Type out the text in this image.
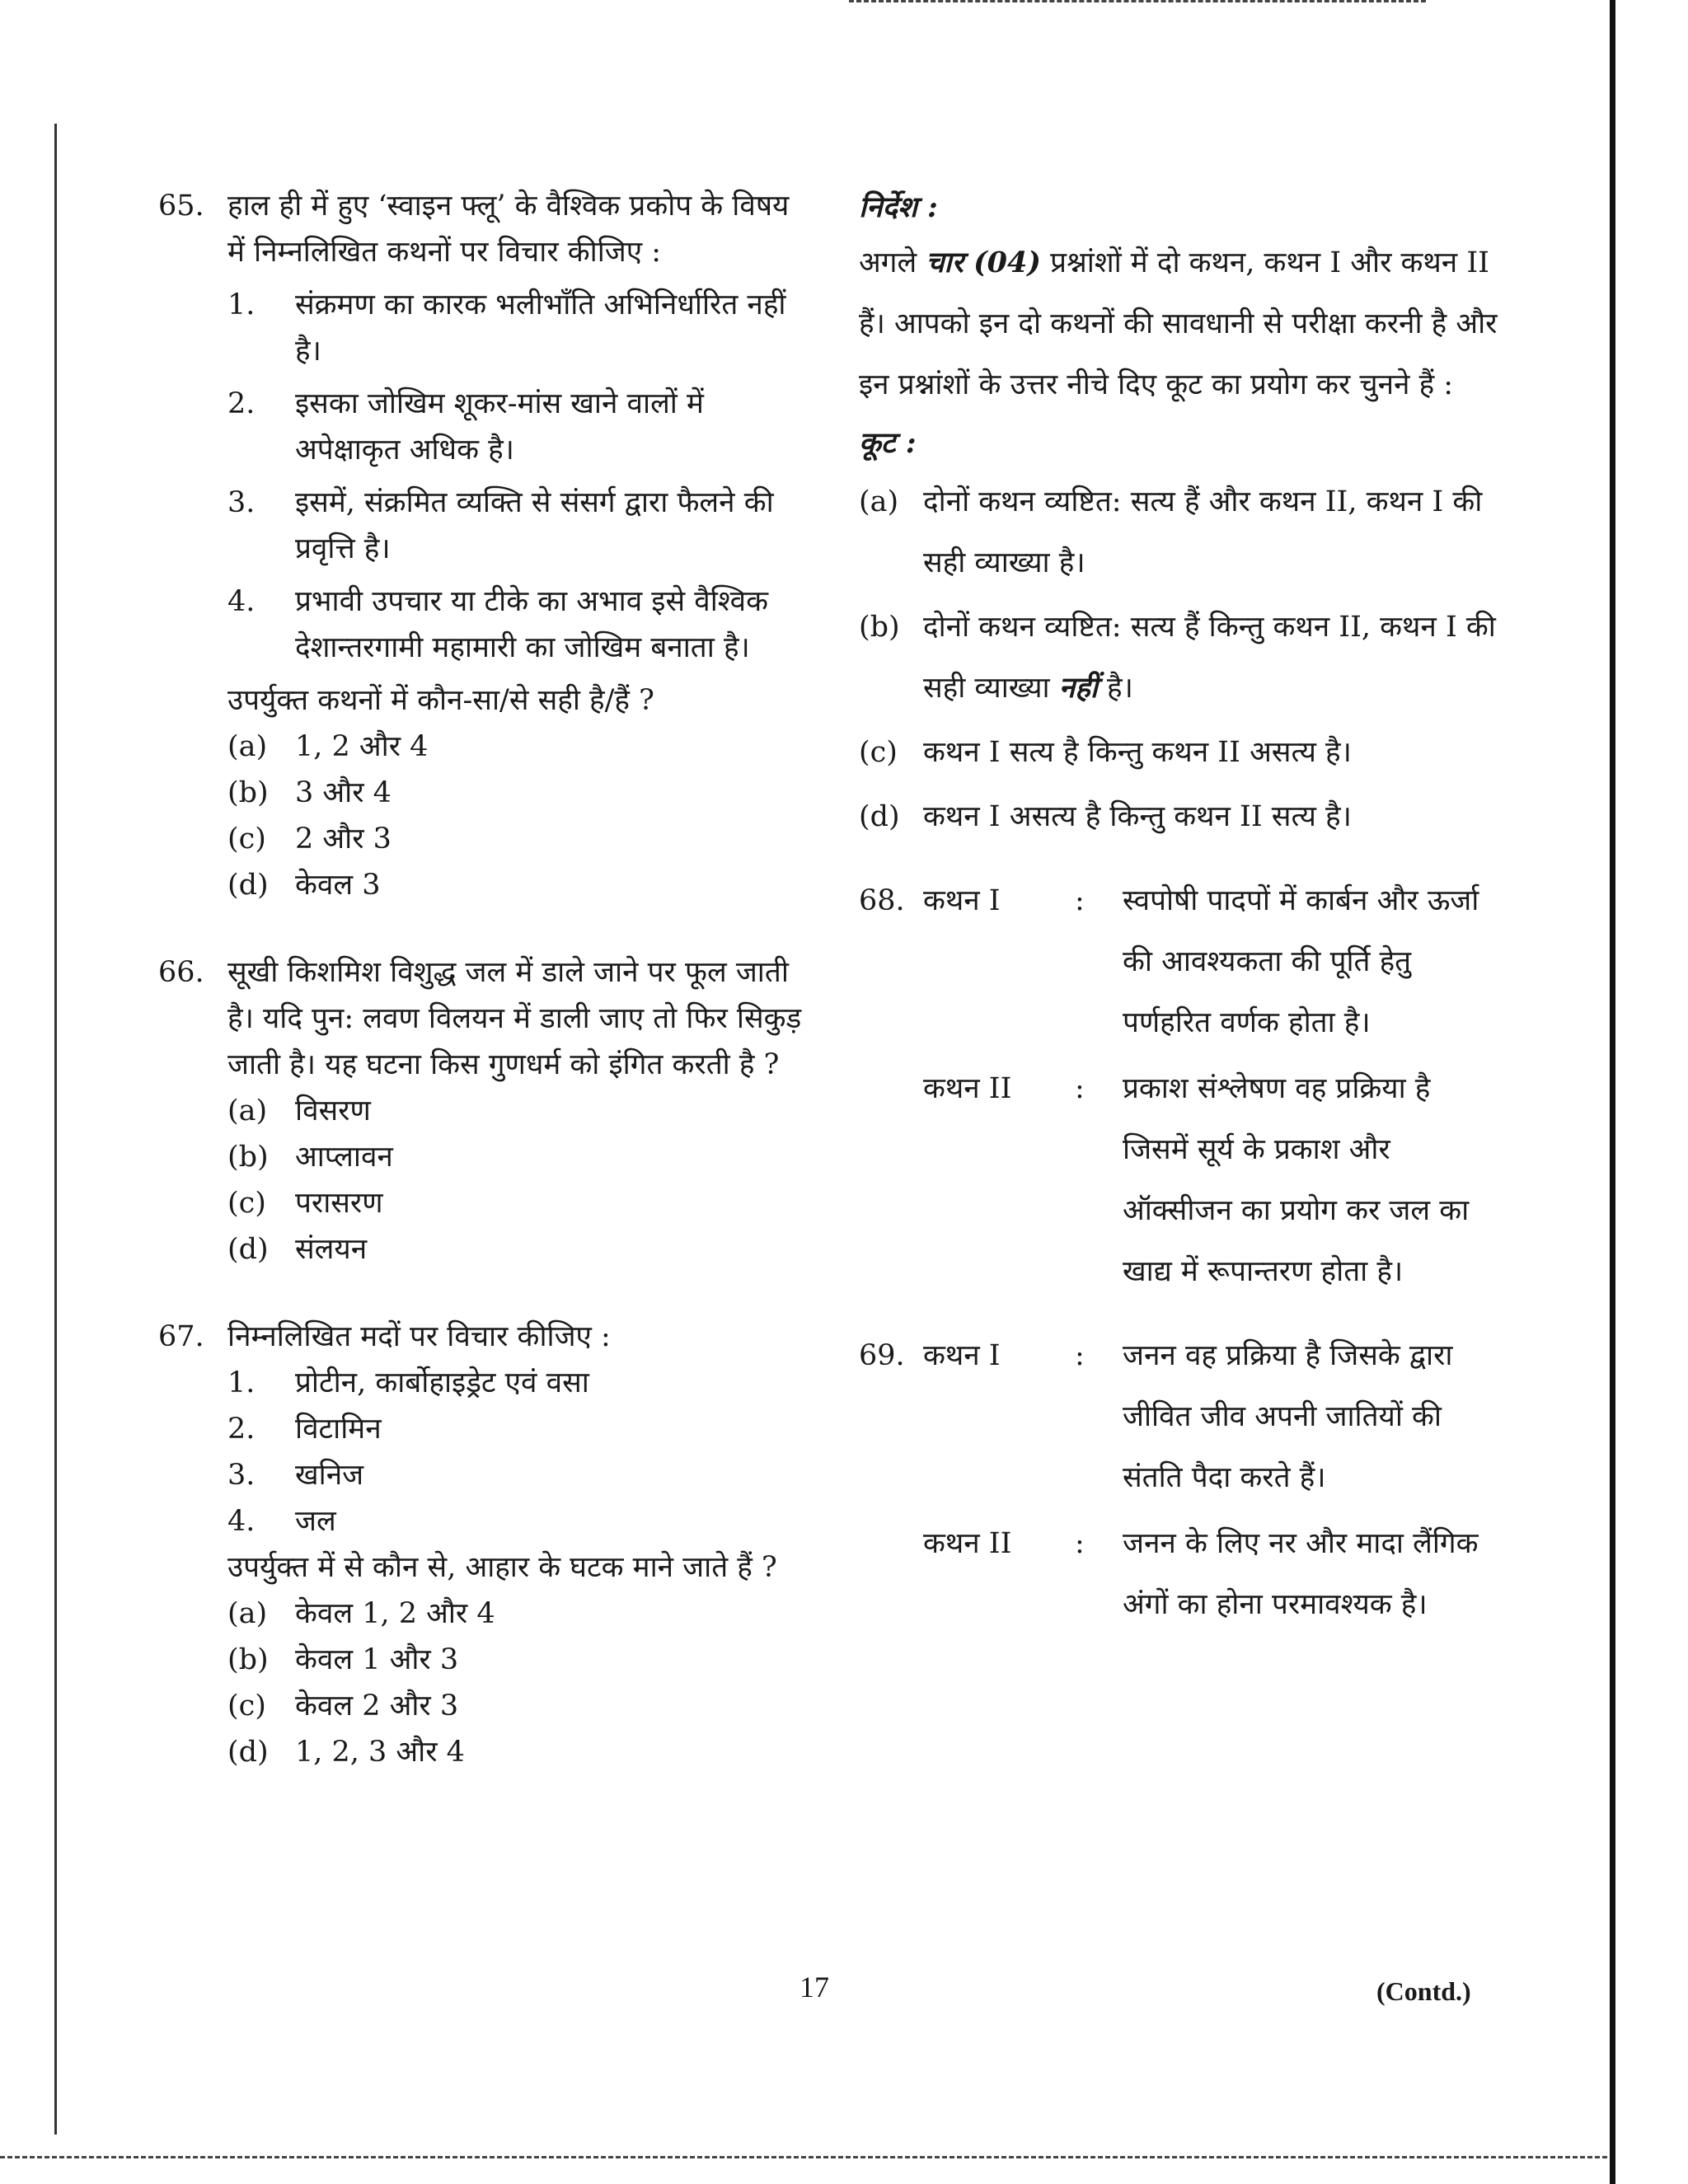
65. हाल ही में हुए ‘स्वाइन फ्लू’ के वैश्विक प्रकोप के विषय में निम्नलिखित कथनों पर विचार कीजिए :
1. संक्रमण का कारक भलीभाँति अभिनिर्धारित नहीं है।
2. इसका जोखिम शूकर-मांस खाने वालों में अपेक्षाकृत अधिक है।
3. इसमें, संक्रमित व्यक्ति से संसर्ग द्वारा फैलने की प्रवृत्ति है।
4. प्रभावी उपचार या टीके का अभाव इसे वैश्विक देशान्तरगामी महामारी का जोखिम बनाता है।
उपर्युक्त कथनों में कौन-सा/से सही है/हैं ?
(a) 1, 2 और 4
(b) 3 और 4
(c) 2 और 3
(d) केवल 3
66. सूखी किशमिश विशुद्ध जल में डाले जाने पर फूल जाती है। यदि पुन: लवण विलयन में डाली जाए तो फिर सिकुड़ जाती है। यह घटना किस गुणधर्म को इंगित करती है ?
(a) विसरण
(b) आप्लावन
(c) परासरण
(d) संलयन
67. निम्नलिखित मदों पर विचार कीजिए :
1. प्रोटीन, कार्बोहाइड्रेट एवं वसा
2. विटामिन
3. खनिज
4. जल
उपर्युक्त में से कौन से, आहार के घटक माने जाते हैं ?
(a) केवल 1, 2 और 4
(b) केवल 1 और 3
(c) केवल 2 और 3
(d) 1, 2, 3 और 4
निर्देश :
अगले चार (04) प्रश्नांशों में दो कथन, कथन I और कथन II हैं। आपको इन दो कथनों की सावधानी से परीक्षा करनी है और इन प्रश्नांशों के उत्तर नीचे दिए कूट का प्रयोग कर चुनने हैं :
कूट :
(a) दोनों कथन व्यष्टित: सत्य हैं और कथन II, कथन I की सही व्याख्या है।
(b) दोनों कथन व्यष्टित: सत्य हैं किन्तु कथन II, कथन I की सही व्याख्या नहीं है।
(c) कथन I सत्य है किन्तु कथन II असत्य है।
(d) कथन I असत्य है किन्तु कथन II सत्य है।
68. कथन I	: स्वपोषी पादपों में कार्बन और ऊर्जा की आवश्यकता की पूर्ति हेतु पर्णहरित वर्णक होता है।
कथन II	: प्रकाश संश्लेषण वह प्रक्रिया है जिसमें सूर्य के प्रकाश और ऑक्सीजन का प्रयोग कर जल का खाद्य में रूपान्तरण होता है।
69. कथन I	: जनन वह प्रक्रिया है जिसके द्वारा जीवित जीव अपनी जातियों की संतति पैदा करते हैं।
कथन II	: जनन के लिए नर और मादा लैंगिक अंगों का होना परमावश्यक है।
17	(Contd.)
